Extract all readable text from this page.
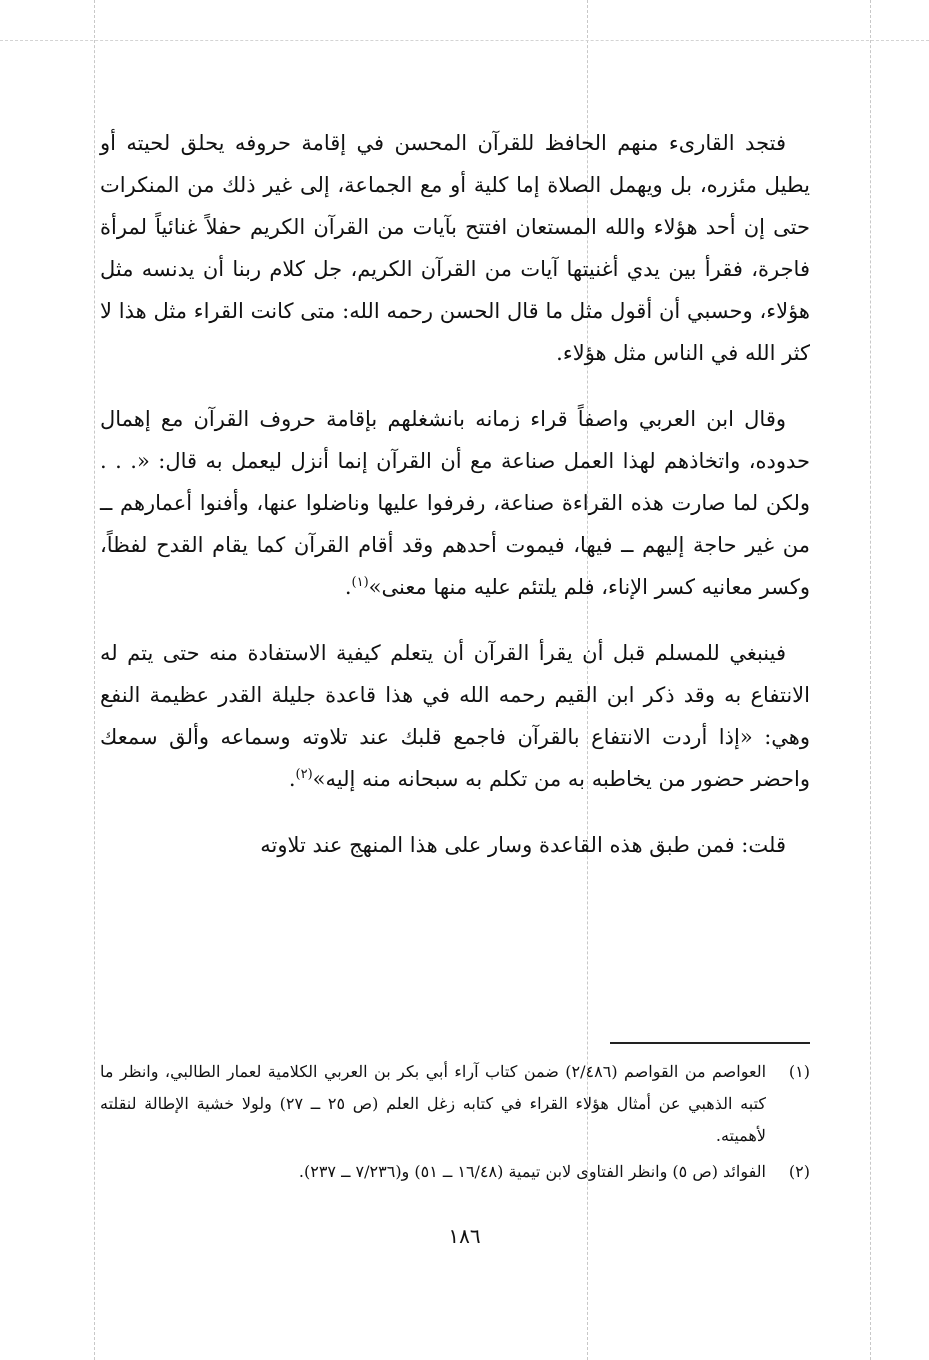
فتجد القارىء منهم الحافظ للقرآن المحسن في إقامة حروفه يحلق لحيته أو يطيل مئزره، بل ويهمل الصلاة إما كلية أو مع الجماعة، إلى غير ذلك من المنكرات حتى إن أحد هؤلاء والله المستعان افتتح بآيات من القرآن الكريم حفلاً غنائياً لمرأة فاجرة، فقرأ بين يدي أغنيتها آيات من القرآن الكريم، جل كلام ربنا أن يدنسه مثل هؤلاء، وحسبي أن أقول مثل ما قال الحسن رحمه الله: متى كانت القراء مثل هذا لا كثر الله في الناس مثل هؤلاء.

وقال ابن العربي واصفاً قراء زمانه بانشغلهم بإقامة حروف القرآن مع إهمال حدوده، واتخاذهم لهذا العمل صناعة مع أن القرآن إنما أنزل ليعمل به قال: «. . . ولكن لما صارت هذه القراءة صناعة، رفرفوا عليها وناضلوا عنها، وأفنوا أعمارهم ــ من غير حاجة إليهم ــ فيها، فيموت أحدهم وقد أقام القرآن كما يقام القدح لفظاً، وكسر معانيه كسر الإناء، فلم يلتئم عليه منها معنى»$^{(١)}$.

فينبغي للمسلم قبل أن يقرأ القرآن أن يتعلم كيفية الاستفادة منه حتى يتم له الانتفاع به وقد ذكر ابن القيم رحمه الله في هذا قاعدة جليلة القدر عظيمة النفع وهي: «إذا أردت الانتفاع بالقرآن فاجمع قلبك عند تلاوته وسماعه وألق سمعك واحضر حضور من يخاطبه به من تكلم به سبحانه منه إليه»$^{(٢)}$.

قلت: فمن طبق هذه القاعدة وسار على هذا المنهج عند تلاوته

(١)
العواصم من القواصم (٢/٤٨٦) ضمن كتاب آراء أبي بكر بن العربي الكلامية لعمار الطالبي، وانظر ما كتبه الذهبي عن أمثال هؤلاء القراء في كتابه زغل العلم (ص ٢٥ ــ ٢٧) ولولا خشية الإطالة لنقلته لأهميته.
(٢)
الفوائد (ص ٥) وانظر الفتاوى لابن تيمية (١٦/٤٨ ــ ٥١) و(٧/٢٣٦ ــ ٢٣٧).
١٨٦
